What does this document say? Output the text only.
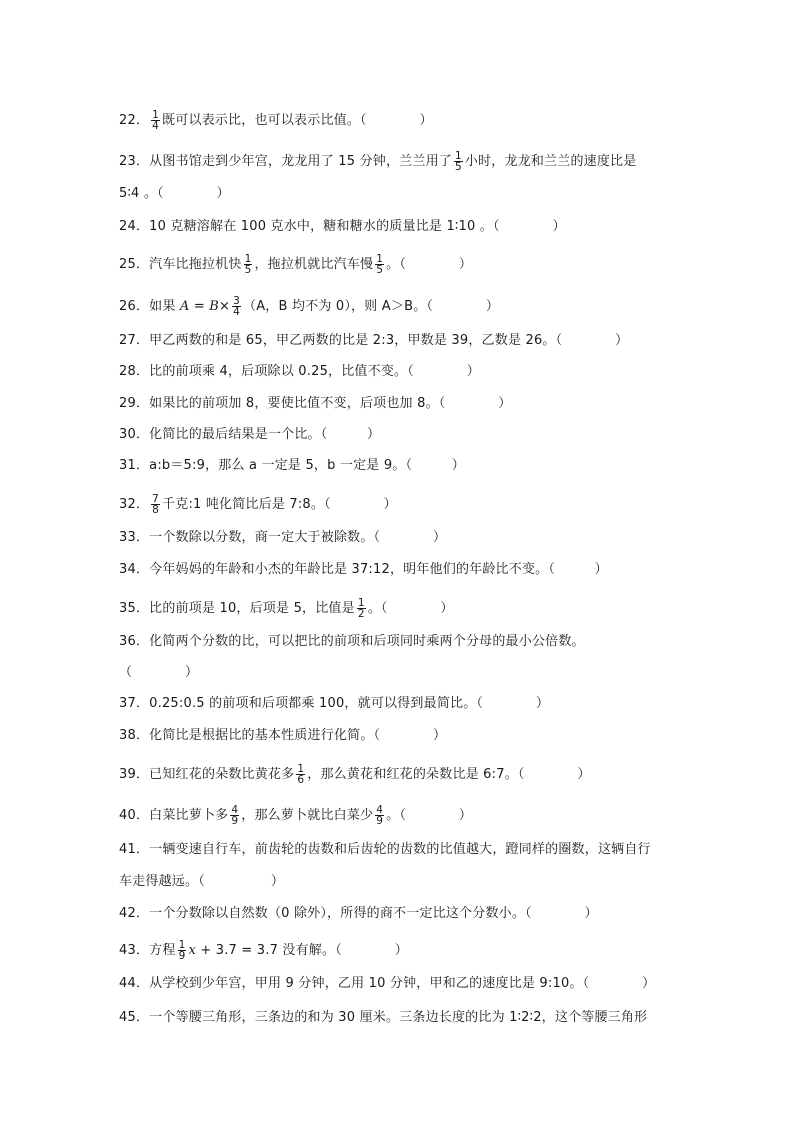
22． $\frac{1}{4}$ 既可以表示比，也可以表示比值。（　　　　）
23．从图书馆走到少年宫，龙龙用了 15 分钟，兰兰用了 $\frac{1}{5}$ 小时，龙龙和兰兰的速度比是
5∶4 。（　　　　）
24．10 克糖溶解在 100 克水中，糖和糖水的质量比是 1∶10 。（　　　　）
25．汽车比拖拉机快 $\frac{1}{5}$ ，拖拉机就比汽车慢 $\frac{1}{5}$ 。（　　　　）
26．如果 $A = B\times \frac{3}{4} (A$，B 均不为 0），则 A＞B。（　　　　）
27．甲乙两数的和是 65，甲乙两数的比是 2:3，甲数是 39，乙数是 26。（　　　　）
28．比的前项乘 4，后项除以 0.25，比值不变。（　　　　）
29．如果比的前项加 8，要使比值不变，后项也加 8。（　　　　）
30．化简比的最后结果是一个比。（　　　）
31．a:b＝5:9，那么 a 一定是 5，b 一定是 9。（　　　）
32． $\frac{7}{8}$ 千克:1 吨化简比后是 7:8。（　　　　）
33．一个数除以分数，商一定大于被除数。（　　　　）
34．今年妈妈的年龄和小杰的年龄比是 37:12，明年他们的年龄比不变。（　　　）
35．比的前项是 10，后项是 5，比值是 $\frac{1}{2}$ 。（　　　　）
36．化简两个分数的比，可以把比的前项和后项同时乘两个分母的最小公倍数。
（　　　　）
37．0.25:0.5 的前项和后项都乘 100，就可以得到最简比。（　　　　）
38．化简比是根据比的基本性质进行化简。（　　　　）
39．已知红花的朵数比黄花多 $\frac{1}{6}$ ，那么黄花和红花的朵数比是 6:7。（　　　　）
40．白菜比萝卜多 $\frac{4}{9}$ ，那么萝卜就比白菜少 $\frac{4}{9}$ 。（　　　　）
41．一辆变速自行车，前齿轮的齿数和后齿轮的齿数的比值越大，蹬同样的圈数，这辆自行
车走得越远。（　　　　　）
42．一个分数除以自然数（0 除外），所得的商不一定比这个分数小。（　　　　）
43．方程 $\frac{1}{9}$ x + 3.7 = 3.7 没有解。（　　　　）
44．从学校到少年宫，甲用 9 分钟，乙用 10 分钟，甲和乙的速度比是 9:10。（　　　　）
45．一个等腰三角形，三条边的和为 30 厘米。三条边长度的比为 1∶2∶2，这个等腰三角形
